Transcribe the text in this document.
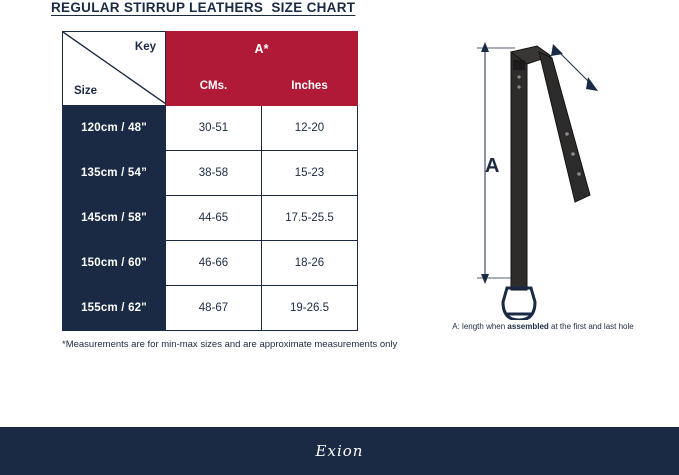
REGULAR STIRRUP LEATHERS  SIZE CHART
Key
Size	A*	
	CMs.	Inches
120cm / 48"	30-51	12-20
135cm / 54”	38-58	15-23
145cm / 58"	44-65	17.5-25.5
150cm / 60"	46-66	18-26
155cm / 62"	48-67	19-26.5
*Measurements are for min-max sizes and are approximate measurements only
A
A: length when assembled at the first and last hole
Exion
